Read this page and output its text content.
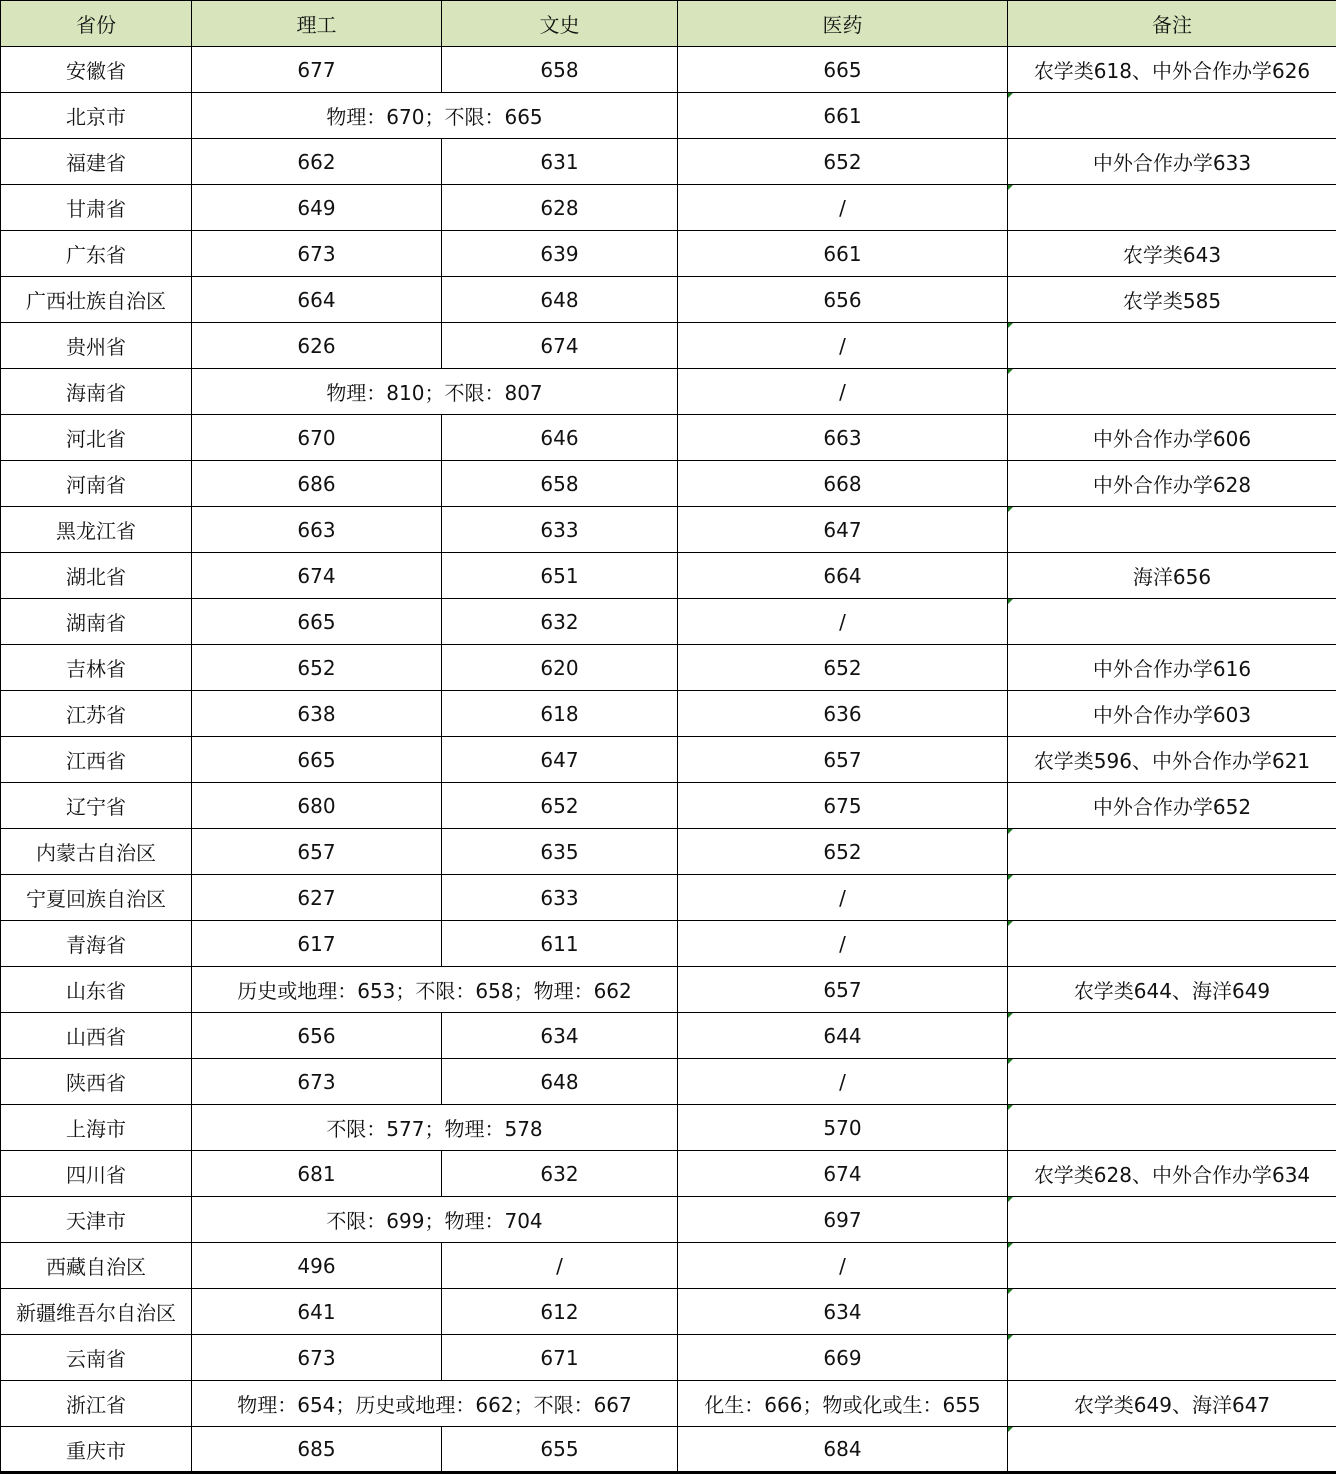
省份	理工	文史	医药	备注
安徽省	677	658	665	农学类618、中外合作办学626
北京市	物理：670；不限：665		661	
福建省	662	631	652	中外合作办学633
甘肃省	649	628	/	
广东省	673	639	661	农学类643
广西壮族自治区	664	648	656	农学类585
贵州省	626	674	/	
海南省	物理：810；不限：807		/	
河北省	670	646	663	中外合作办学606
河南省	686	658	668	中外合作办学628
黑龙江省	663	633	647	
湖北省	674	651	664	海洋656
湖南省	665	632	/	
吉林省	652	620	652	中外合作办学616
江苏省	638	618	636	中外合作办学603
江西省	665	647	657	农学类596、中外合作办学621
辽宁省	680	652	675	中外合作办学652
内蒙古自治区	657	635	652	
宁夏回族自治区	627	633	/	
青海省	617	611	/	
山东省	历史或地理：653；不限：658；物理：662		657	农学类644、海洋649
山西省	656	634	644	
陕西省	673	648	/	
上海市	不限：577；物理：578		570	
四川省	681	632	674	农学类628、中外合作办学634
天津市	不限：699；物理：704		697	
西藏自治区	496	/	/	
新疆维吾尔自治区	641	612	634	
云南省	673	671	669	
浙江省	物理：654；历史或地理：662；不限：667		化生：666；物或化或生：655	农学类649、海洋647
重庆市	685	655	684	
